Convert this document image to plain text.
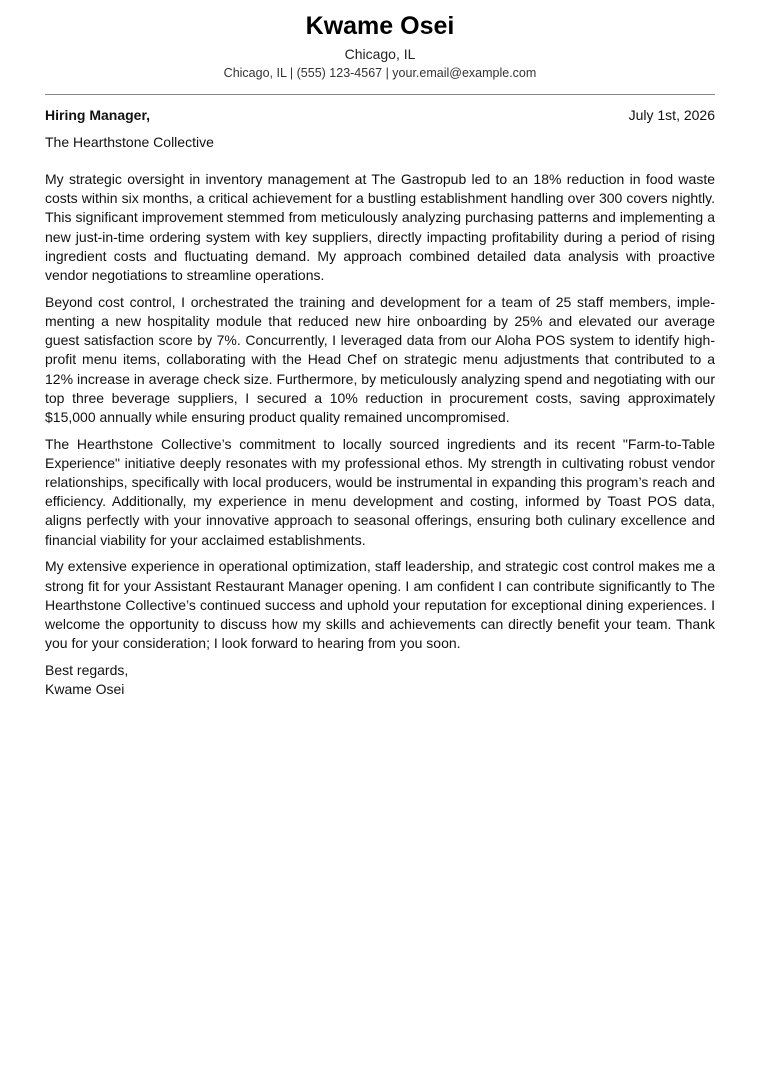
Kwame Osei
Chicago, IL
Chicago, IL | (555) 123-4567 | your.email@example.com
Hiring Manager,	July 1st, 2026
The Hearthstone Collective

My strategic oversight in inventory management at The Gastropub led to an 18% reduction in food waste costs within six months, a critical achievement for a bustling establishment handling over 300 covers nightly. This significant improvement stemmed from meticulously analyzing purchasing patterns and implementing a new just-in-time ordering system with key suppliers, directly impacting profitability during a period of rising ingredient costs and fluctuating demand. My approach combined detailed data analysis with proactive vendor negotiations to streamline operations.

Beyond cost control, I orchestrated the training and development for a team of 25 staff members, imple-menting a new hospitality module that reduced new hire onboarding by 25% and elevated our average guest satisfaction score by 7%. Concurrently, I leveraged data from our Aloha POS system to identify high-profit menu items, collaborating with the Head Chef on strategic menu adjustments that contributed to a 12% increase in average check size. Furthermore, by meticulously analyzing spend and negotiating with our top three beverage suppliers, I secured a 10% reduction in procurement costs, saving approximately $15,000 annually while ensuring product quality remained uncompromised.

The Hearthstone Collective’s commitment to locally sourced ingredients and its recent "Farm-to-Table Experience" initiative deeply resonates with my professional ethos. My strength in cultivating robust vendor relationships, specifically with local producers, would be instrumental in expanding this program’s reach and efficiency. Additionally, my experience in menu development and costing, informed by Toast POS data, aligns perfectly with your innovative approach to seasonal offerings, ensuring both culinary excellence and financial viability for your acclaimed establishments.

My extensive experience in operational optimization, staff leadership, and strategic cost control makes me a strong fit for your Assistant Restaurant Manager opening. I am confident I can contribute significantly to The Hearthstone Collective’s continued success and uphold your reputation for exceptional dining experiences. I welcome the opportunity to discuss how my skills and achievements can directly benefit your team. Thank you for your consideration; I look forward to hearing from you soon.

Best regards,
Kwame Osei
